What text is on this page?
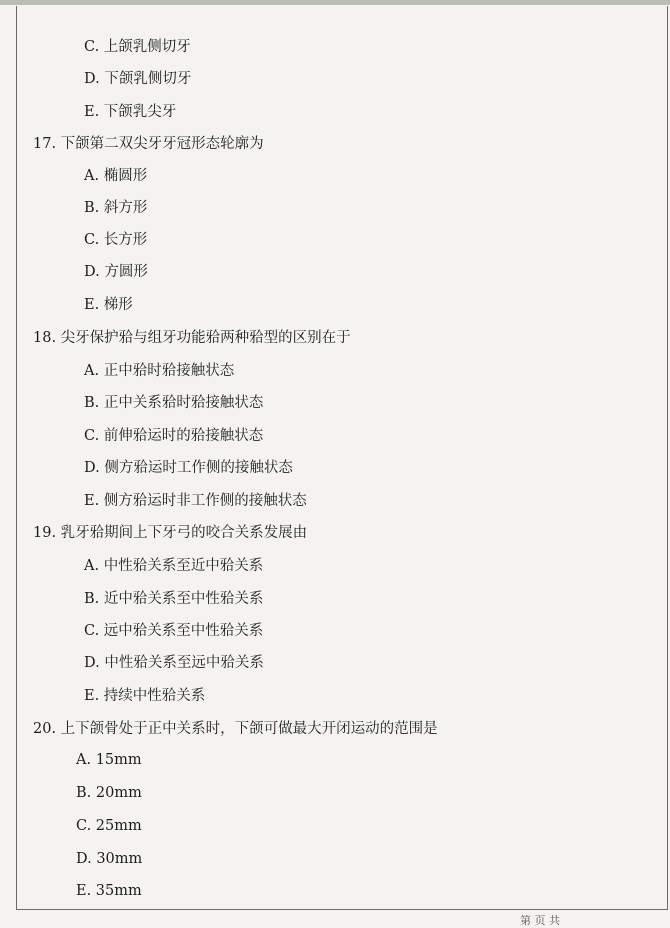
C. 上颌乳侧切牙
D. 下颌乳侧切牙
E. 下颌乳尖牙
17. 下颌第二双尖牙牙冠形态轮廓为
A. 椭圆形
B. 斜方形
C. 长方形
D. 方圆形
E. 梯形
18. 尖牙保护𬌗与组牙功能𬌗两种𬌗型的区别在于
A. 正中𬌗时𬌗接触状态
B. 正中关系𬌗时𬌗接触状态
C. 前伸𬌗运时的𬌗接触状态
D. 侧方𬌗运时工作侧的接触状态
E. 侧方𬌗运时非工作侧的接触状态
19. 乳牙𬌗期间上下牙弓的咬合关系发展由
A. 中性𬌗关系至近中𬌗关系
B. 近中𬌗关系至中性𬌗关系
C. 远中𬌗关系至中性𬌗关系
D. 中性𬌗关系至远中𬌗关系
E. 持续中性𬌗关系
20. 上下颌骨处于正中关系时，下颌可做最大开闭运动的范围是
A. 15mm
B. 20mm
C. 25mm
D. 30mm
E. 35mm
第 页 共
